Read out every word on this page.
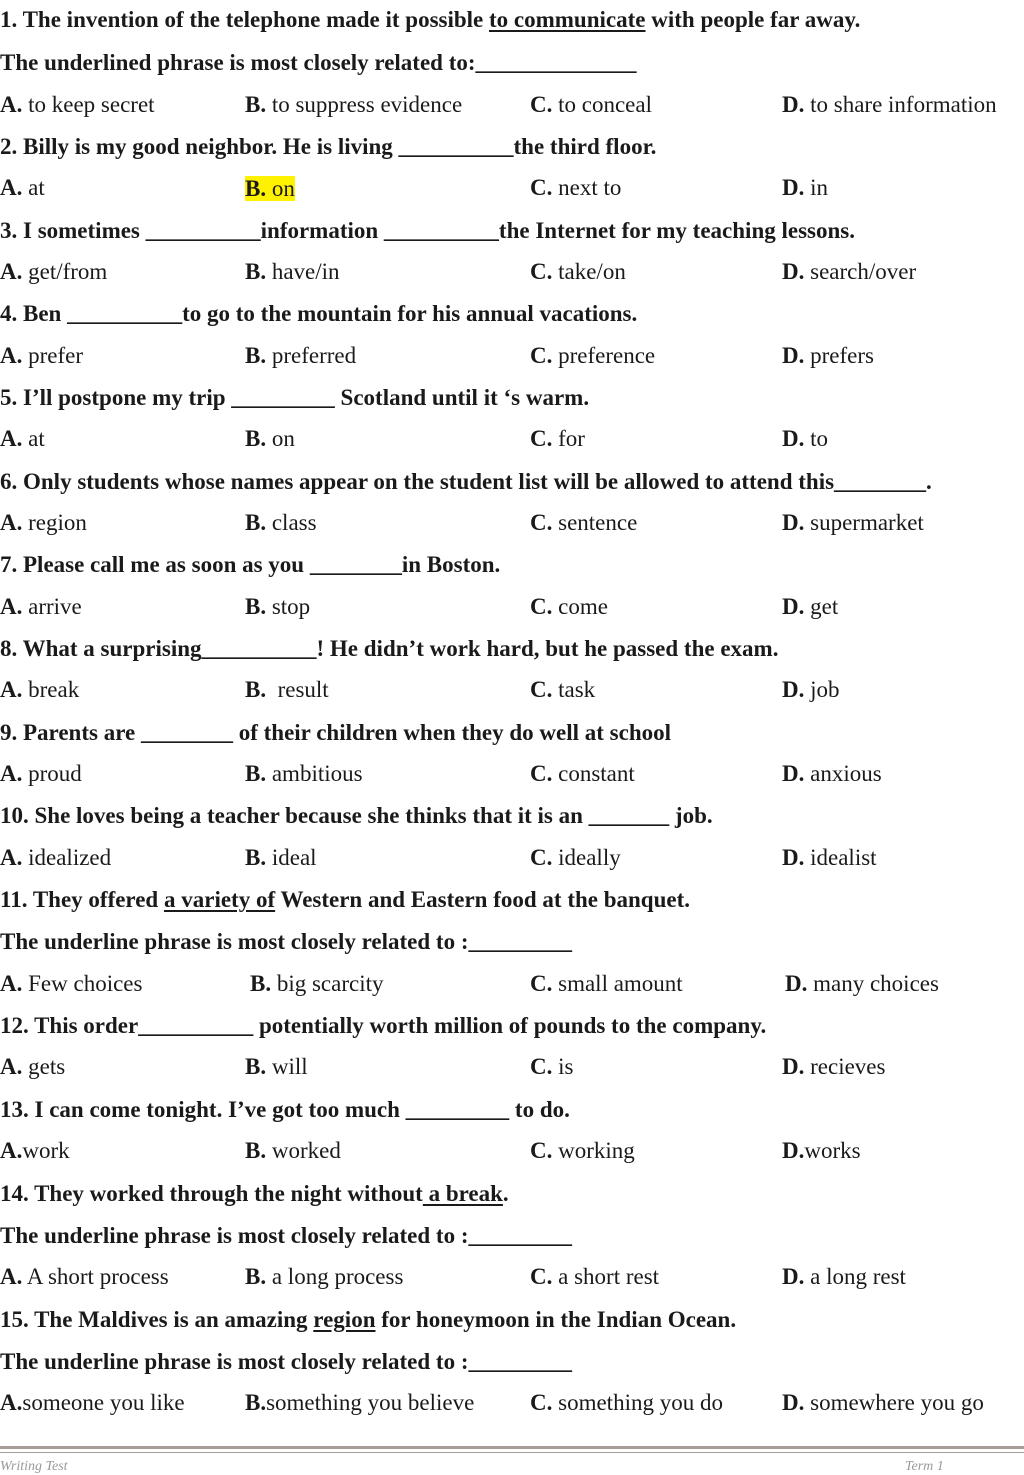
1. The invention of the telephone made it possible to communicate with people far away.
The underlined phrase is most closely related to:______________
A. to keep secret	B. to suppress evidence	C. to conceal	D. to share information
2. Billy is my good neighbor. He is living __________the third floor.
A. at	B. on	C. next to	D. in
3. I sometimes __________information __________the Internet for my teaching lessons.
A. get/from	B. have/in	C. take/on	D. search/over
4. Ben __________to go to the mountain for his annual vacations.
A. prefer	B. preferred	C. preference	D. prefers
5. I’ll postpone my trip _________ Scotland until it ‘s warm.
A. at	B. on	C. for	D. to
6. Only students whose names appear on the student list will be allowed to attend this________.
A. region	B. class	C. sentence	D. supermarket
7. Please call me as soon as you ________in Boston.
A. arrive	B. stop	C. come	D. get
8. What a surprising__________! He didn’t work hard, but he passed the exam.
A. break	B.  result	C. task	D. job
9. Parents are ________ of their children when they do well at school
A. proud	B. ambitious	C. constant	D. anxious
10. She loves being a teacher because she thinks that it is an _______ job.
A. idealized	B. ideal	C. ideally	D. idealist
11. They offered a variety of Western and Eastern food at the banquet.
The underline phrase is most closely related to :_________
A. Few choices	B. big scarcity	C. small amount	D. many choices
12. This order__________ potentially worth million of pounds to the company.
A. gets	B. will	C. is	D. recieves
13. I can come tonight. I’ve got too much _________ to do.
A.work	B. worked	C. working	D.works
14. They worked through the night without a break.
The underline phrase is most closely related to :_________
A. A short process	B. a long process	C. a short rest	D. a long rest
15. The Maldives is an amazing region for honeymoon in the Indian Ocean.
The underline phrase is most closely related to :_________
A.someone you like	B.something you believe C. something you do	D. somewhere you go
Writing Test	Term 1
